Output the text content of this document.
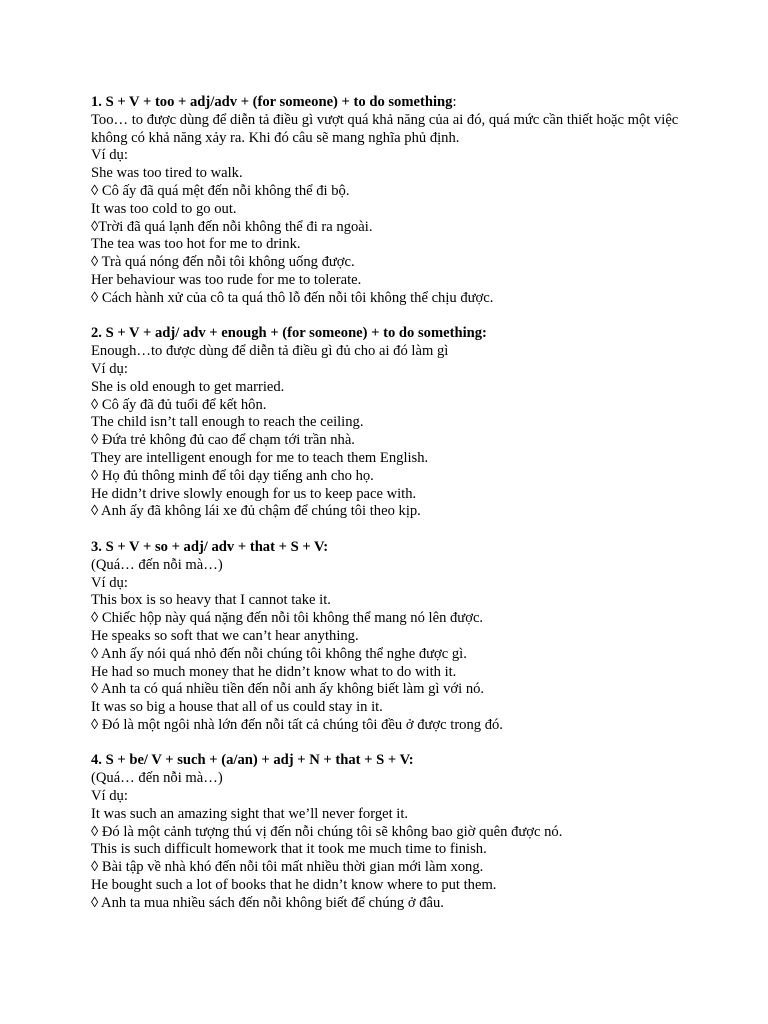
1. S + V + too + adj/adv + (for someone) + to do something:
Too… to được dùng để diễn tả điều gì vượt quá khả năng của ai đó, quá mức cần thiết hoặc một việc không có khả năng xảy ra. Khi đó câu sẽ mang nghĩa phủ định.
Ví dụ:
She was too tired to walk.
◊ Cô ấy đã quá mệt đến nỗi không thể đi bộ.
It was too cold to go out.
◊Trời đã quá lạnh đến nỗi không thể đi ra ngoài.
The tea was too hot for me to drink.
◊ Trà quá nóng đến nỗi tôi không uống được.
Her behaviour was too rude for me to tolerate.
◊ Cách hành xử của cô ta quá thô lỗ đến nỗi tôi không thể chịu được.
2. S + V + adj/ adv + enough + (for someone) + to do something:
Enough…to được dùng để diễn tả điều gì đủ cho ai đó làm gì
Ví dụ:
She is old enough to get married.
◊ Cô ấy đã đủ tuổi để kết hôn.
The child isn’t tall enough to reach the ceiling.
◊ Đứa trẻ không đủ cao để chạm tới trần nhà.
They are intelligent enough for me to teach them English.
◊ Họ đủ thông minh để tôi dạy tiếng anh cho họ.
He didn’t drive slowly enough for us to keep pace with.
◊ Anh ấy đã không lái xe đủ chậm để chúng tôi theo kịp.
3. S + V + so + adj/ adv + that + S + V:
(Quá… đến nỗi mà…)
Ví dụ:
This box is so heavy that I cannot take it.
◊ Chiếc hộp này quá nặng đến nỗi tôi không thể mang nó lên được.
He speaks so soft that we can’t hear anything.
◊ Anh ấy nói quá nhỏ đến nỗi chúng tôi không thể nghe được gì.
He had so much money that he didn’t know what to do with it.
◊ Anh ta có quá nhiều tiền đến nỗi anh ấy không biết làm gì với nó.
It was so big a house that all of us could stay in it.
◊ Đó là một ngôi nhà lớn đến nỗi tất cả chúng tôi đều ở được trong đó.
4. S + be/ V + such + (a/an) + adj + N + that + S + V:
(Quá… đến nỗi mà…)
Ví dụ:
It was such an amazing sight that we’ll never forget it.
◊ Đó là một cảnh tượng thú vị đến nỗi chúng tôi sẽ không bao giờ quên được nó.
This is such difficult homework that it took me much time to finish.
◊ Bài tập về nhà khó đến nỗi tôi mất nhiều thời gian mới làm xong.
He bought such a lot of books that he didn’t know where to put them.
◊ Anh ta mua nhiều sách đến nỗi không biết để chúng ở đâu.
